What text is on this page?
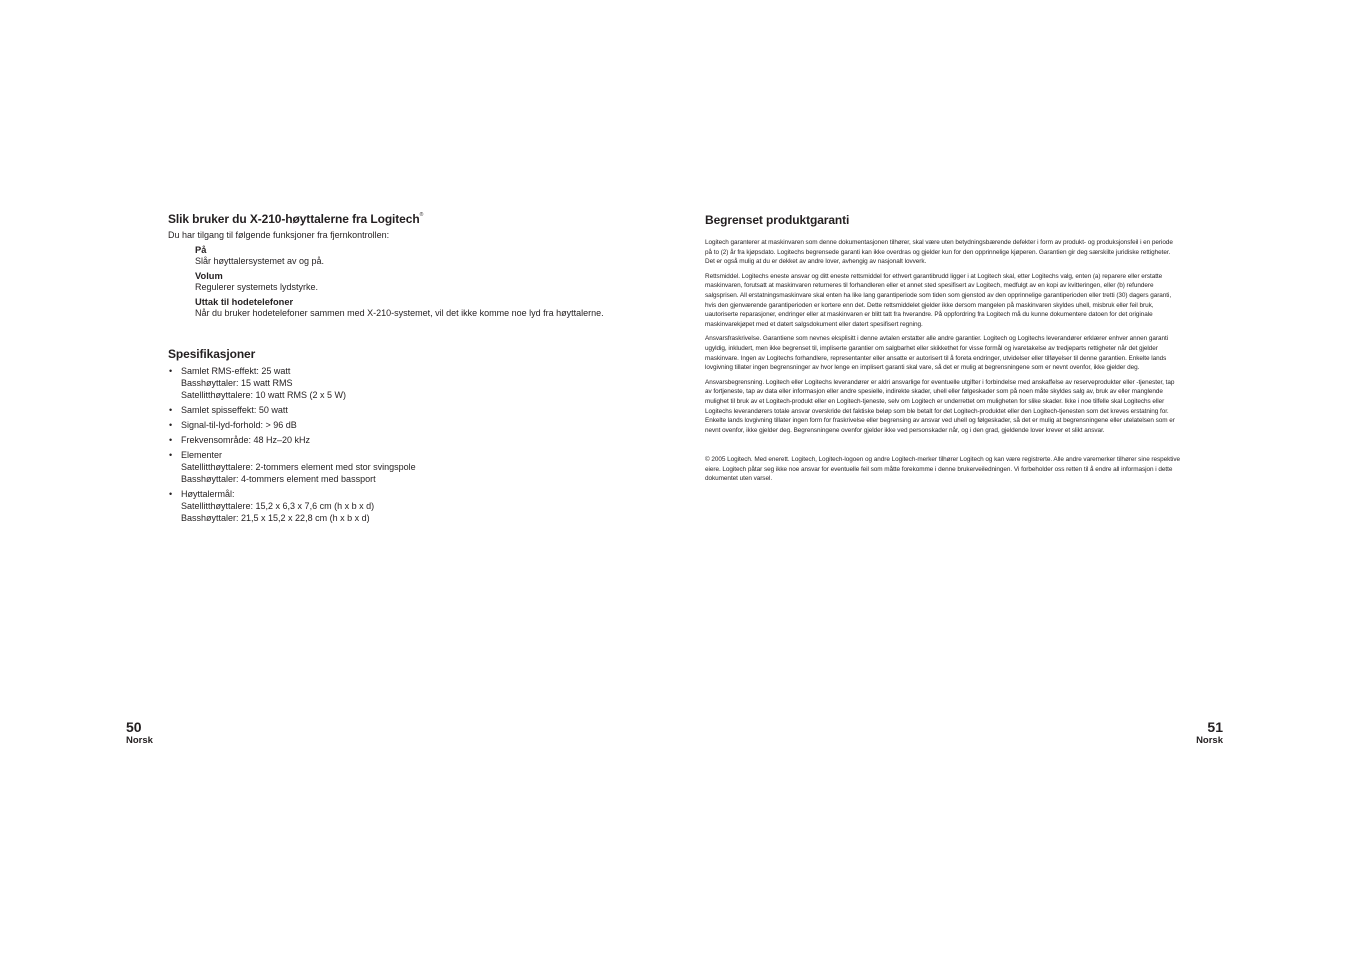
Slik bruker du X-210-høyttalerne fra Logitech®

Du har tilgang til følgende funksjoner fra fjernkontrollen:

På
Slår høyttalersystemet av og på.
Volum
Regulerer systemets lydstyrke.
Uttak til hodetelefoner
Når du bruker hodetelefoner sammen med X-210-systemet, vil det ikke komme noe lyd fra høyttalerne.
Spesifikasjoner
• Samlet RMS-effekt: 25 watt
Basshøyttaler: 15 watt RMS
Satellitthøyttalere: 10 watt RMS (2 x 5 W)
• Samlet spisseffekt: 50 watt
• Signal-til-lyd-forhold: > 96 dB
• Frekvensområde: 48 Hz–20 kHz
• Elementer
Satellitthøyttalere: 2-tommers element med stor svingspole
Basshøyttaler: 4-tommers element med bassport
• Høyttalermål:
Satellitthøyttalere: 15,2 x 6,3 x 7,6 cm (h x b x d)
Basshøyttaler: 21,5 x 15,2 x 22,8 cm (h x b x d)
Begrenset produktgaranti

Logitech garanterer at maskinvaren som denne dokumentasjonen tilhører, skal være uten betydningsbærende defekter i form av produkt- og produksjonsfeil i en periode på to (2) år fra kjøpsdato. Logitechs begrensede garanti kan ikke overdras og gjelder kun for den opprinnelige kjøperen. Garantien gir deg særskilte juridiske rettigheter. Det er også mulig at du er dekket av andre lover, avhengig av nasjonalt lovverk.

Rettsmiddel. Logitechs eneste ansvar og ditt eneste rettsmiddel for ethvert garantibrudd ligger i at Logitech skal, etter Logitechs valg, enten (a) reparere eller erstatte maskinvaren, forutsatt at maskinvaren returneres til forhandleren eller et annet sted spesifisert av Logitech, medfulgt av en kopi av kvitteringen, eller (b) refundere salgsprisen. All erstatningsmaskinvare skal enten ha like lang garantiperiode som tiden som gjenstod av den opprinnelige garantiperioden eller tretti (30) dagers garanti, hvis den gjenværende garantiperioden er kortere enn det. Dette rettsmiddelet gjelder ikke dersom mangelen på maskinvaren skyldes uhell, misbruk eller feil bruk, uautoriserte reparasjoner, endringer eller at maskinvaren er blitt tatt fra hverandre. På oppfordring fra Logitech må du kunne dokumentere datoen for det originale maskinvarekjøpet med et datert salgsdokument eller datert spesifisert regning.

Ansvarsfraskrivelse. Garantiene som nevnes eksplisitt i denne avtalen erstatter alle andre garantier. Logitech og Logitechs leverandører erklærer enhver annen garanti ugyldig, inkludert, men ikke begrenset til, impliserte garantier om salgbarhet eller skikkethet for visse formål og ivaretakelse av tredjeparts rettigheter når det gjelder maskinvare. Ingen av Logitechs forhandlere, representanter eller ansatte er autorisert til å foreta endringer, utvidelser eller tilføyelser til denne garantien. Enkelte lands lovgivning tillater ingen begrensninger av hvor lenge en implisert garanti skal vare, så det er mulig at begrensningene som er nevnt ovenfor, ikke gjelder deg.

Ansvarsbegrensning. Logitech eller Logitechs leverandører er aldri ansvarlige for eventuelle utgifter i forbindelse med anskaffelse av reserveprodukter eller -tjenester, tap av fortjeneste, tap av data eller informasjon eller andre spesielle, indirekte skader, uhell eller følgeskader som på noen måte skyldes salg av, bruk av eller manglende mulighet til bruk av et Logitech-produkt eller en Logitech-tjeneste, selv om Logitech er underrettet om muligheten for slike skader. Ikke i noe tilfelle skal Logitechs eller Logitechs leverandørers totale ansvar overskride det faktiske beløp som ble betalt for det Logitech-produktet eller den Logitech-tjenesten som det kreves erstatning for. Enkelte lands lovgivning tillater ingen form for fraskrivelse eller begrensing av ansvar ved uhell og følgeskader, så det er mulig at begrensningene eller utelatelsen som er nevnt ovenfor, ikke gjelder deg. Begrensningene ovenfor gjelder ikke ved personskader når, og i den grad, gjeldende lover krever et slikt ansvar.

© 2005 Logitech. Med enerett. Logitech, Logitech-logoen og andre Logitech-merker tilhører Logitech og kan være registrerte. Alle andre varemerker tilhører sine respektive eiere. Logitech påtar seg ikke noe ansvar for eventuelle feil som måtte forekomme i denne brukerveiledningen. Vi forbeholder oss retten til å endre all informasjon i dette dokumentet uten varsel.

50
Norsk
51
Norsk
